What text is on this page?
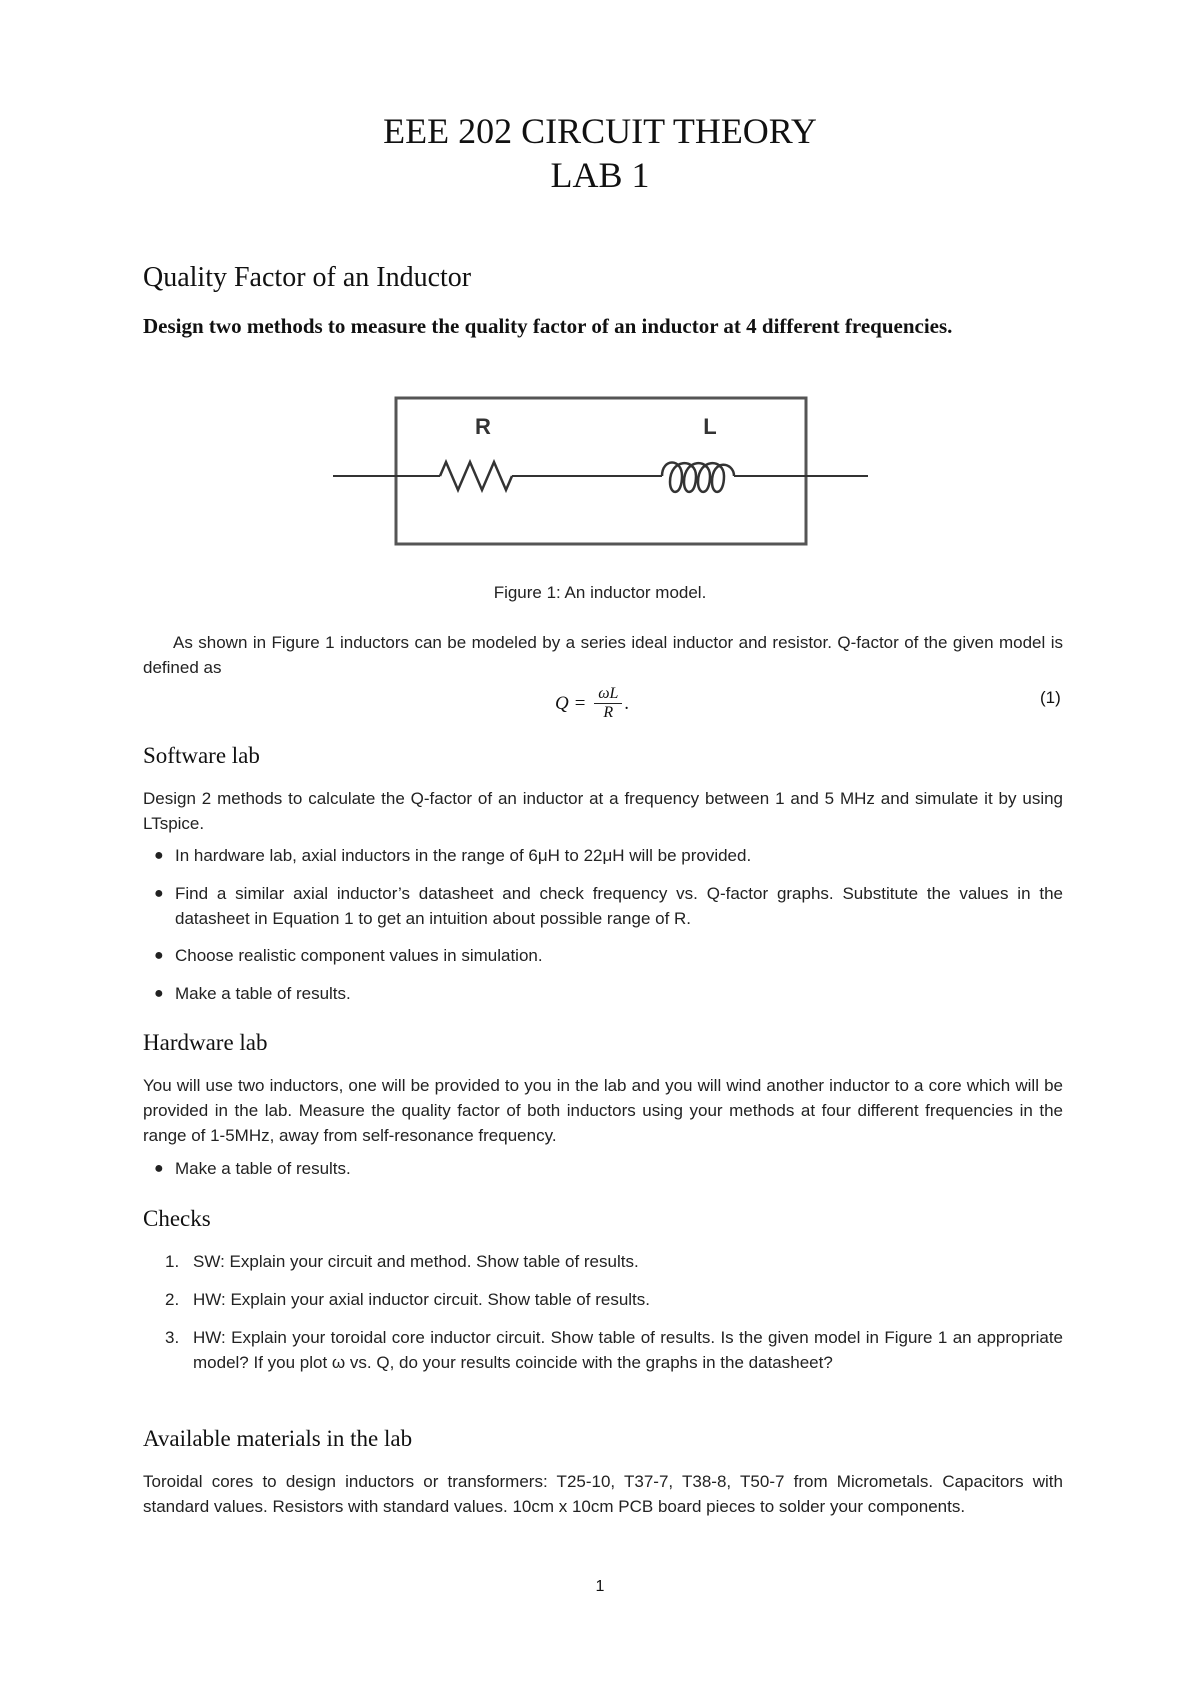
EEE 202 CIRCUIT THEORY
LAB 1
Quality Factor of an Inductor
Design two methods to measure the quality factor of an inductor at 4 different frequencies.
R	L
Figure 1: An inductor model.
As shown in Figure 1 inductors can be modeled by a series ideal inductor and resistor. Q-factor of the given model is defined as
$Q = \frac{\omega L}{R}$ .	(1)
Software lab
Design 2 methods to calculate the Q-factor of an inductor at a frequency between 1 and 5 MHz and simulate it by using LTspice.
● In hardware lab, axial inductors in the range of 6μH to 22μH will be provided.
● Find a similar axial inductor’s datasheet and check frequency vs. Q-factor graphs. Substitute the values in the datasheet in Equation 1 to get an intuition about possible range of R.
● Choose realistic component values in simulation.
● Make a table of results.
Hardware lab
You will use two inductors, one will be provided to you in the lab and you will wind another inductor to a core which will be provided in the lab. Measure the quality factor of both inductors using your methods at four different frequencies in the range of 1-5MHz, away from self-resonance frequency.
● Make a table of results.
Checks
1. SW: Explain your circuit and method. Show table of results.
2. HW: Explain your axial inductor circuit. Show table of results.
3. HW: Explain your toroidal core inductor circuit. Show table of results. Is the given model in Figure 1 an appropriate model? If you plot ω vs. Q, do your results coincide with the graphs in the datasheet?
Available materials in the lab
Toroidal cores to design inductors or transformers: T25-10, T37-7, T38-8, T50-7 from Micrometals. Capacitors with standard values. Resistors with standard values. 10cm x 10cm PCB board pieces to solder your components.
1
